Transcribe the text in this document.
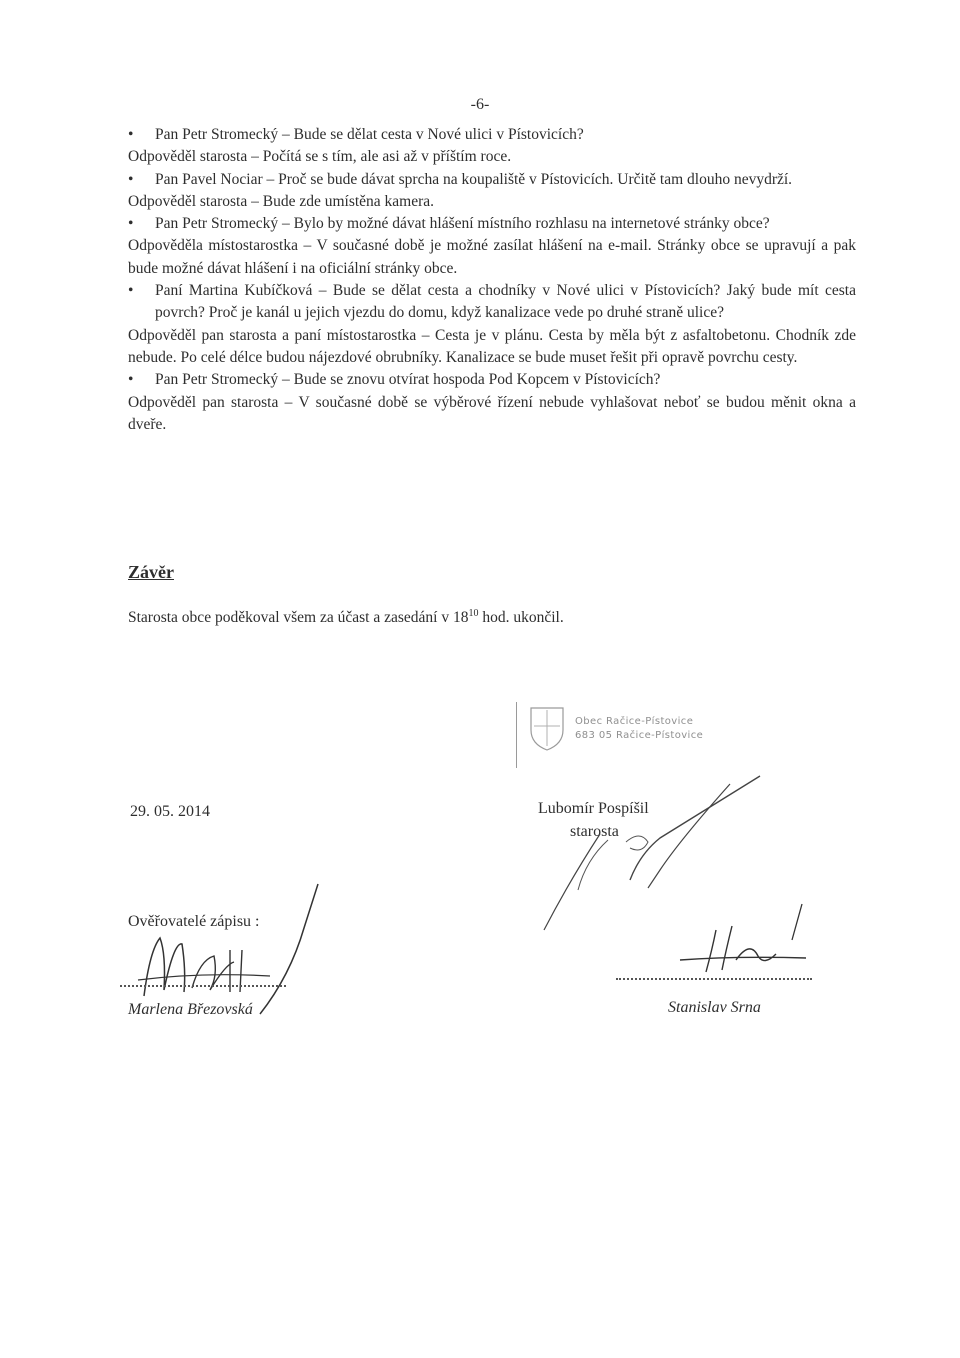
-6-

• Pan Petr Stromecký – Bude se dělat cesta v Nové ulici v Pístovicích?

Odpověděl starosta – Počítá se s tím, ale asi až v příštím roce.

• Pan Pavel Nociar – Proč se bude dávat sprcha na koupaliště v Pístovicích. Určitě tam dlouho nevydrží.

Odpověděl starosta – Bude zde umístěna kamera.

• Pan Petr Stromecký – Bylo by možné dávat hlášení místního rozhlasu na internetové stránky obce?

Odpověděla místostarostka – V současné době je možné zasílat hlášení na e-mail. Stránky obce se upravují a pak bude možné dávat hlášení i na oficiální stránky obce.

• Paní Martina Kubíčková – Bude se dělat cesta a chodníky v Nové ulici v Pístovicích? Jaký bude mít cesta povrch? Proč je kanál u jejich vjezdu do domu, když kanalizace vede po druhé straně ulice?

Odpověděl pan starosta a paní místostarostka – Cesta je v plánu. Cesta by měla být z asfaltobetonu. Chodník zde nebude. Po celé délce budou nájezdové obrubníky. Kanalizace se bude muset řešit při opravě povrchu cesty.

• Pan Petr Stromecký – Bude se znovu otvírat hospoda Pod Kopcem v Pístovicích?

Odpověděl pan starosta – V současné době se výběrové řízení nebude vyhlašovat neboť se budou měnit okna a dveře.

Závěr
Starosta obce poděkoval všem za účast a zasedání v $18^{10}$ hod. ukončil.
Obec Račice-Pístovice
683 05 Račice-Pístovice
29. 05. 2014	Lubomír Pospíšil
starosta
Ověřovatelé zápisu :
Marlena Březovská	Stanislav Srna
